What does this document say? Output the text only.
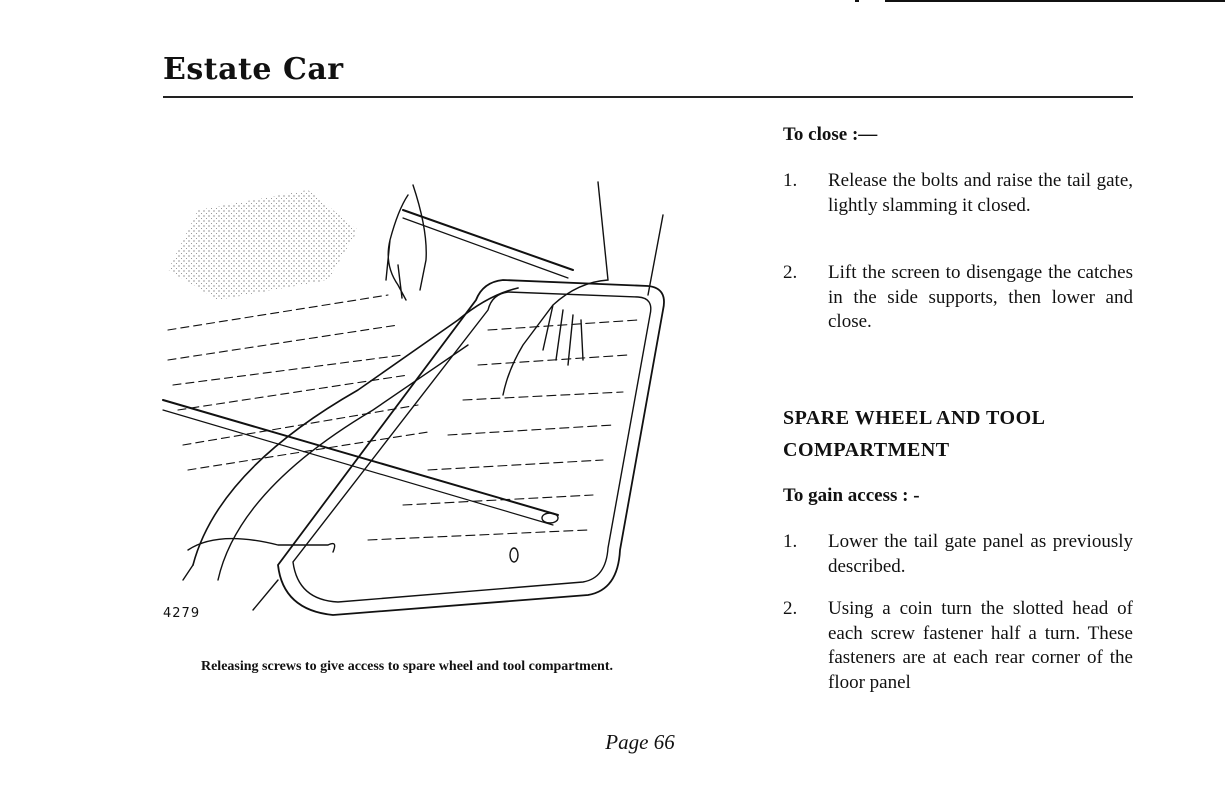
Estate Car
4279
Releasing screws to give access to spare wheel and tool compartment.
To close :—
1. Release the bolts and raise the tail gate, lightly slamming it closed.
2. Lift the screen to disengage the catches in the side supports, then lower and close.
SPARE WHEEL AND TOOL
COMPARTMENT
To gain access : -
1. Lower the tail gate panel as previously described.
2. Using a coin turn the slotted head of each screw fastener half a turn. These fasteners are at each rear corner of the floor panel
Page 66
